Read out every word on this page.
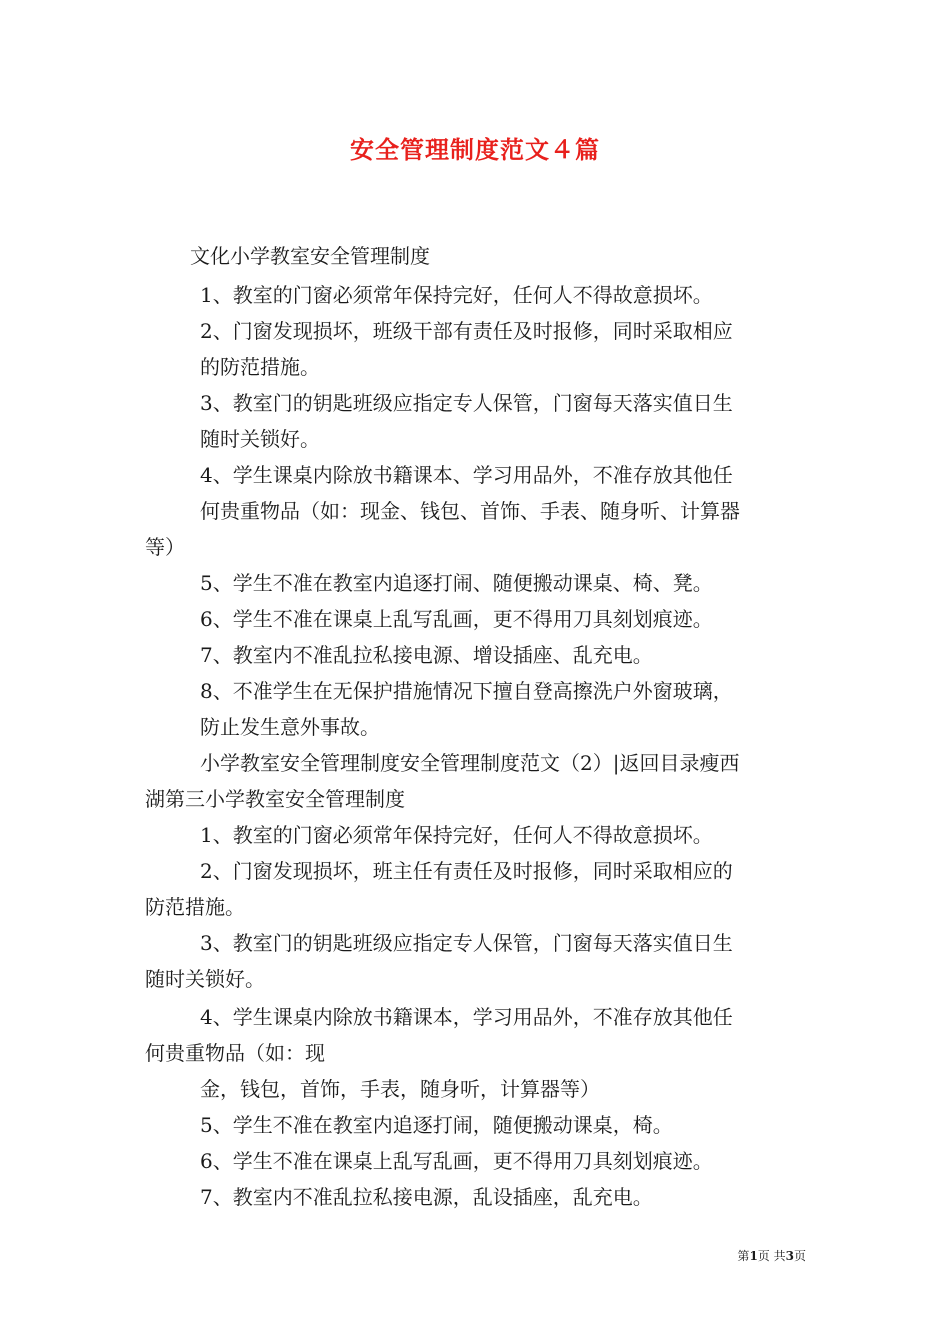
安全管理制度范文４篇
文化小学教室安全管理制度
1、教室的门窗必须常年保持完好，任何人不得故意损坏。
2、门窗发现损坏，班级干部有责任及时报修，同时采取相应
的防范措施。
3、教室门的钥匙班级应指定专人保管，门窗每天落实值日生
随时关锁好。
4、学生课桌内除放书籍课本、学习用品外，不准存放其他任
何贵重物品（如：现金、钱包、首饰、手表、随身听、计算器
等）
5、学生不准在教室内追逐打闹、随便搬动课桌、椅、凳。
6、学生不准在课桌上乱写乱画，更不得用刀具刻划痕迹。
7、教室内不准乱拉私接电源、增设插座、乱充电。
8、不准学生在无保护措施情况下擅自登高擦洗户外窗玻璃，
防止发生意外事故。
小学教室安全管理制度安全管理制度范文（2）|返回目录瘦西
湖第三小学教室安全管理制度
1、教室的门窗必须常年保持完好，任何人不得故意损坏。
2、门窗发现损坏，班主任有责任及时报修，同时采取相应的
防范措施。
3、教室门的钥匙班级应指定专人保管，门窗每天落实值日生
随时关锁好。
4、学生课桌内除放书籍课本，学习用品外，不准存放其他任
何贵重物品（如：现
金，钱包，首饰，手表，随身听，计算器等）
5、学生不准在教室内追逐打闹，随便搬动课桌，椅。
6、学生不准在课桌上乱写乱画，更不得用刀具刻划痕迹。
7、教室内不准乱拉私接电源，乱设插座，乱充电。
第1页 共3页
